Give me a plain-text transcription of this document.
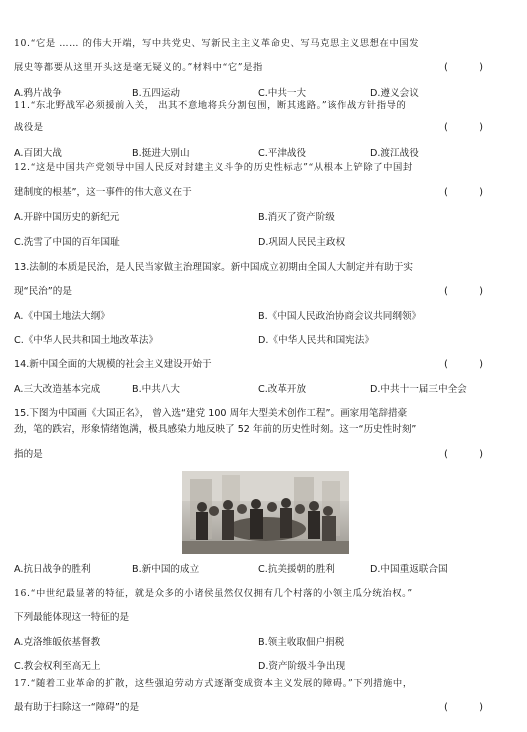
10.“它是 …… 的伟大开端，写中共党史、写新民主主义革命史、写马克思主义思想在中国发
展史等都要从这里开头这是毫无疑义的。”材料中“它”是指	( )
A.鸦片战争	B.五四运动	C.中共一大	D.遵义会议
11.“东北野战军必须援前入关， 出其不意地将兵分割包围，断其逃路。”该作战方针指导的
战役是	( )
A.百团大战	B.挺进大别山	C.平津战役	D.渡江战役
12.“这是中国共产党领导中国人民反对封建主义斗争的历史性标志”“从根本上铲除了中国封
建制度的根基”，这一事件的伟大意义在于	( )
A.开辟中国历史的新纪元	B.消灭了资产阶级
C.洗雪了中国的百年国耻	D.巩固人民民主政权
13.法制的本质是民治，是人民当家做主治理国家。新中国成立初期由全国人大制定并有助于实
现“民治”的是	( )
A.《中国土地法大纲》	B.《中国人民政治协商会议共同纲领》
C.《中华人民共和国土地改革法》	D.《中华人民共和国宪法》
14.新中国全面的大规模的社会主义建设开始于	( )
A.三大改造基本完成	B.中共八大	C.改革开放	D.中共十一届三中全会
15.下图为中国画《大国正名》， 曾入选“建党 100 周年大型美术创作工程”。画家用笔辞措豪
劲，笔的跌宕，形象情绪饱满，极具感染力地反映了 52 年前的历史性时刻。这一“历史性时刻”
指的是	( )
A.抗日战争的胜利	B.新中国的成立	C.抗美援朝的胜利	D.中国重返联合国
16.“中世纪最显著的特征，就是众多的小诸侯虽然仅仅拥有几个村落的小领主瓜分统治权。”
下列最能体现这一特征的是
A.克洛维皈依基督教	B.领主收取佃户捐税
C.教会权利至高无上	D.资产阶级斗争出现
17.“随着工业革命的扩散，这些强迫劳动方式逐渐变成资本主义发展的障碍。”下列措施中，
最有助于扫除这一“障碍”的是	( )
